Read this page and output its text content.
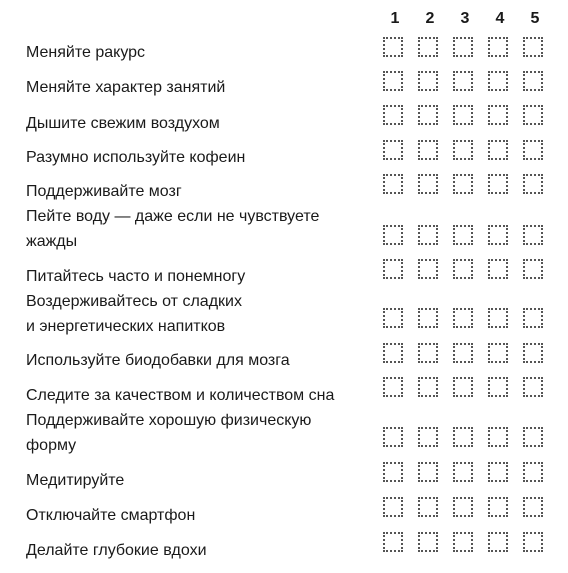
1	2	3	4	5
Меняйте ракурс
Меняйте характер занятий
Дышите свежим воздухом
Разумно используйте кофеин
Поддерживайте мозг
Пейте воду — даже если не чувствуете
жажды
Питайтесь часто и понемногу
Воздерживайтесь от сладких
и энергетических напитков
Используйте биодобавки для мозга
Следите за качеством и количеством сна
Поддерживайте хорошую физическую
форму
Медитируйте
Отключайте смартфон
Делайте глубокие вдохи
